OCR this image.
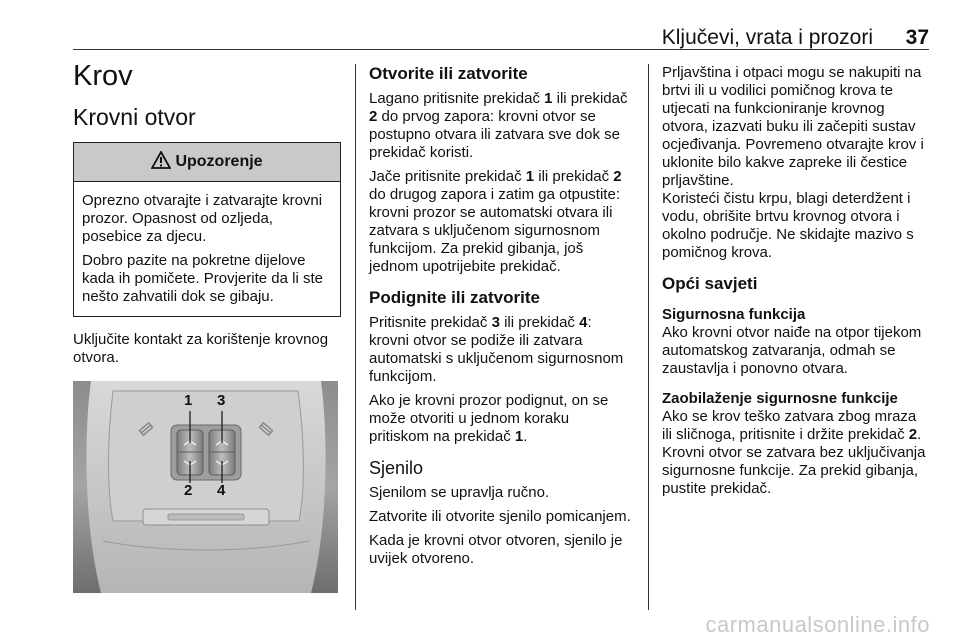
Ključevi, vrata i prozori 37
Krov
Krovni otvor
Upozorenje

Oprezno otvarajte i zatvarajte krovni prozor. Opasnost od ozljeda, posebice za djecu.

Dobro pazite na pokretne dijelove kada ih pomičete. Provjerite da li ste nešto zahvatili dok se gibaju.

Uključite kontakt za korištenje krovnog otvora.

1 3
2 4
Otvorite ili zatvorite

Lagano pritisnite prekidač 1 ili prekidač 2 do prvog zapora: krovni otvor se postupno otvara ili zatvara sve dok se prekidač koristi.

Jače pritisnite prekidač 1 ili prekidač 2 do drugog zapora i zatim ga otpustite: krovni prozor se automatski otvara ili zatvara s uključenom sigurnosnom funkcijom. Za prekid gibanja, još jednom upotrijebite prekidač.

Podignite ili zatvorite

Pritisnite prekidač 3 ili prekidač 4: krovni otvor se podiže ili zatvara automatski s uključenom sigurnosnom funkcijom.

Ako je krovni prozor podignut, on se može otvoriti u jednom koraku pritiskom na prekidač 1.

Sjenilo

Sjenilom se upravlja ručno.

Zatvorite ili otvorite sjenilo pomicanjem.

Kada je krovni otvor otvoren, sjenilo je uvijek otvoreno.

Prljavština i otpaci mogu se nakupiti na brtvi ili u vodilici pomičnog krova te utjecati na funkcioniranje krovnog otvora, izazvati buku ili začepiti sustav ocjeđivanja. Povremeno otvarajte krov i uklonite bilo kakve zapreke ili čestice prljavštine.

Koristeći čistu krpu, blagi deterdžent i vodu, obrišite brtvu krovnog otvora i okolno područje. Ne skidajte mazivo s pomičnog krova.

Opći savjeti
Sigurnosna funkcija

Ako krovni otvor naiđe na otpor tijekom automatskog zatvaranja, odmah se zaustavlja i ponovno otvara.

Zaobilaženje sigurnosne funkcije

Ako se krov teško zatvara zbog mraza ili sličnoga, pritisnite i držite prekidač 2. Krovni otvor se zatvara bez uključivanja sigurnosne funkcije. Za prekid gibanja, pustite prekidač.

carmanualsonline.info
